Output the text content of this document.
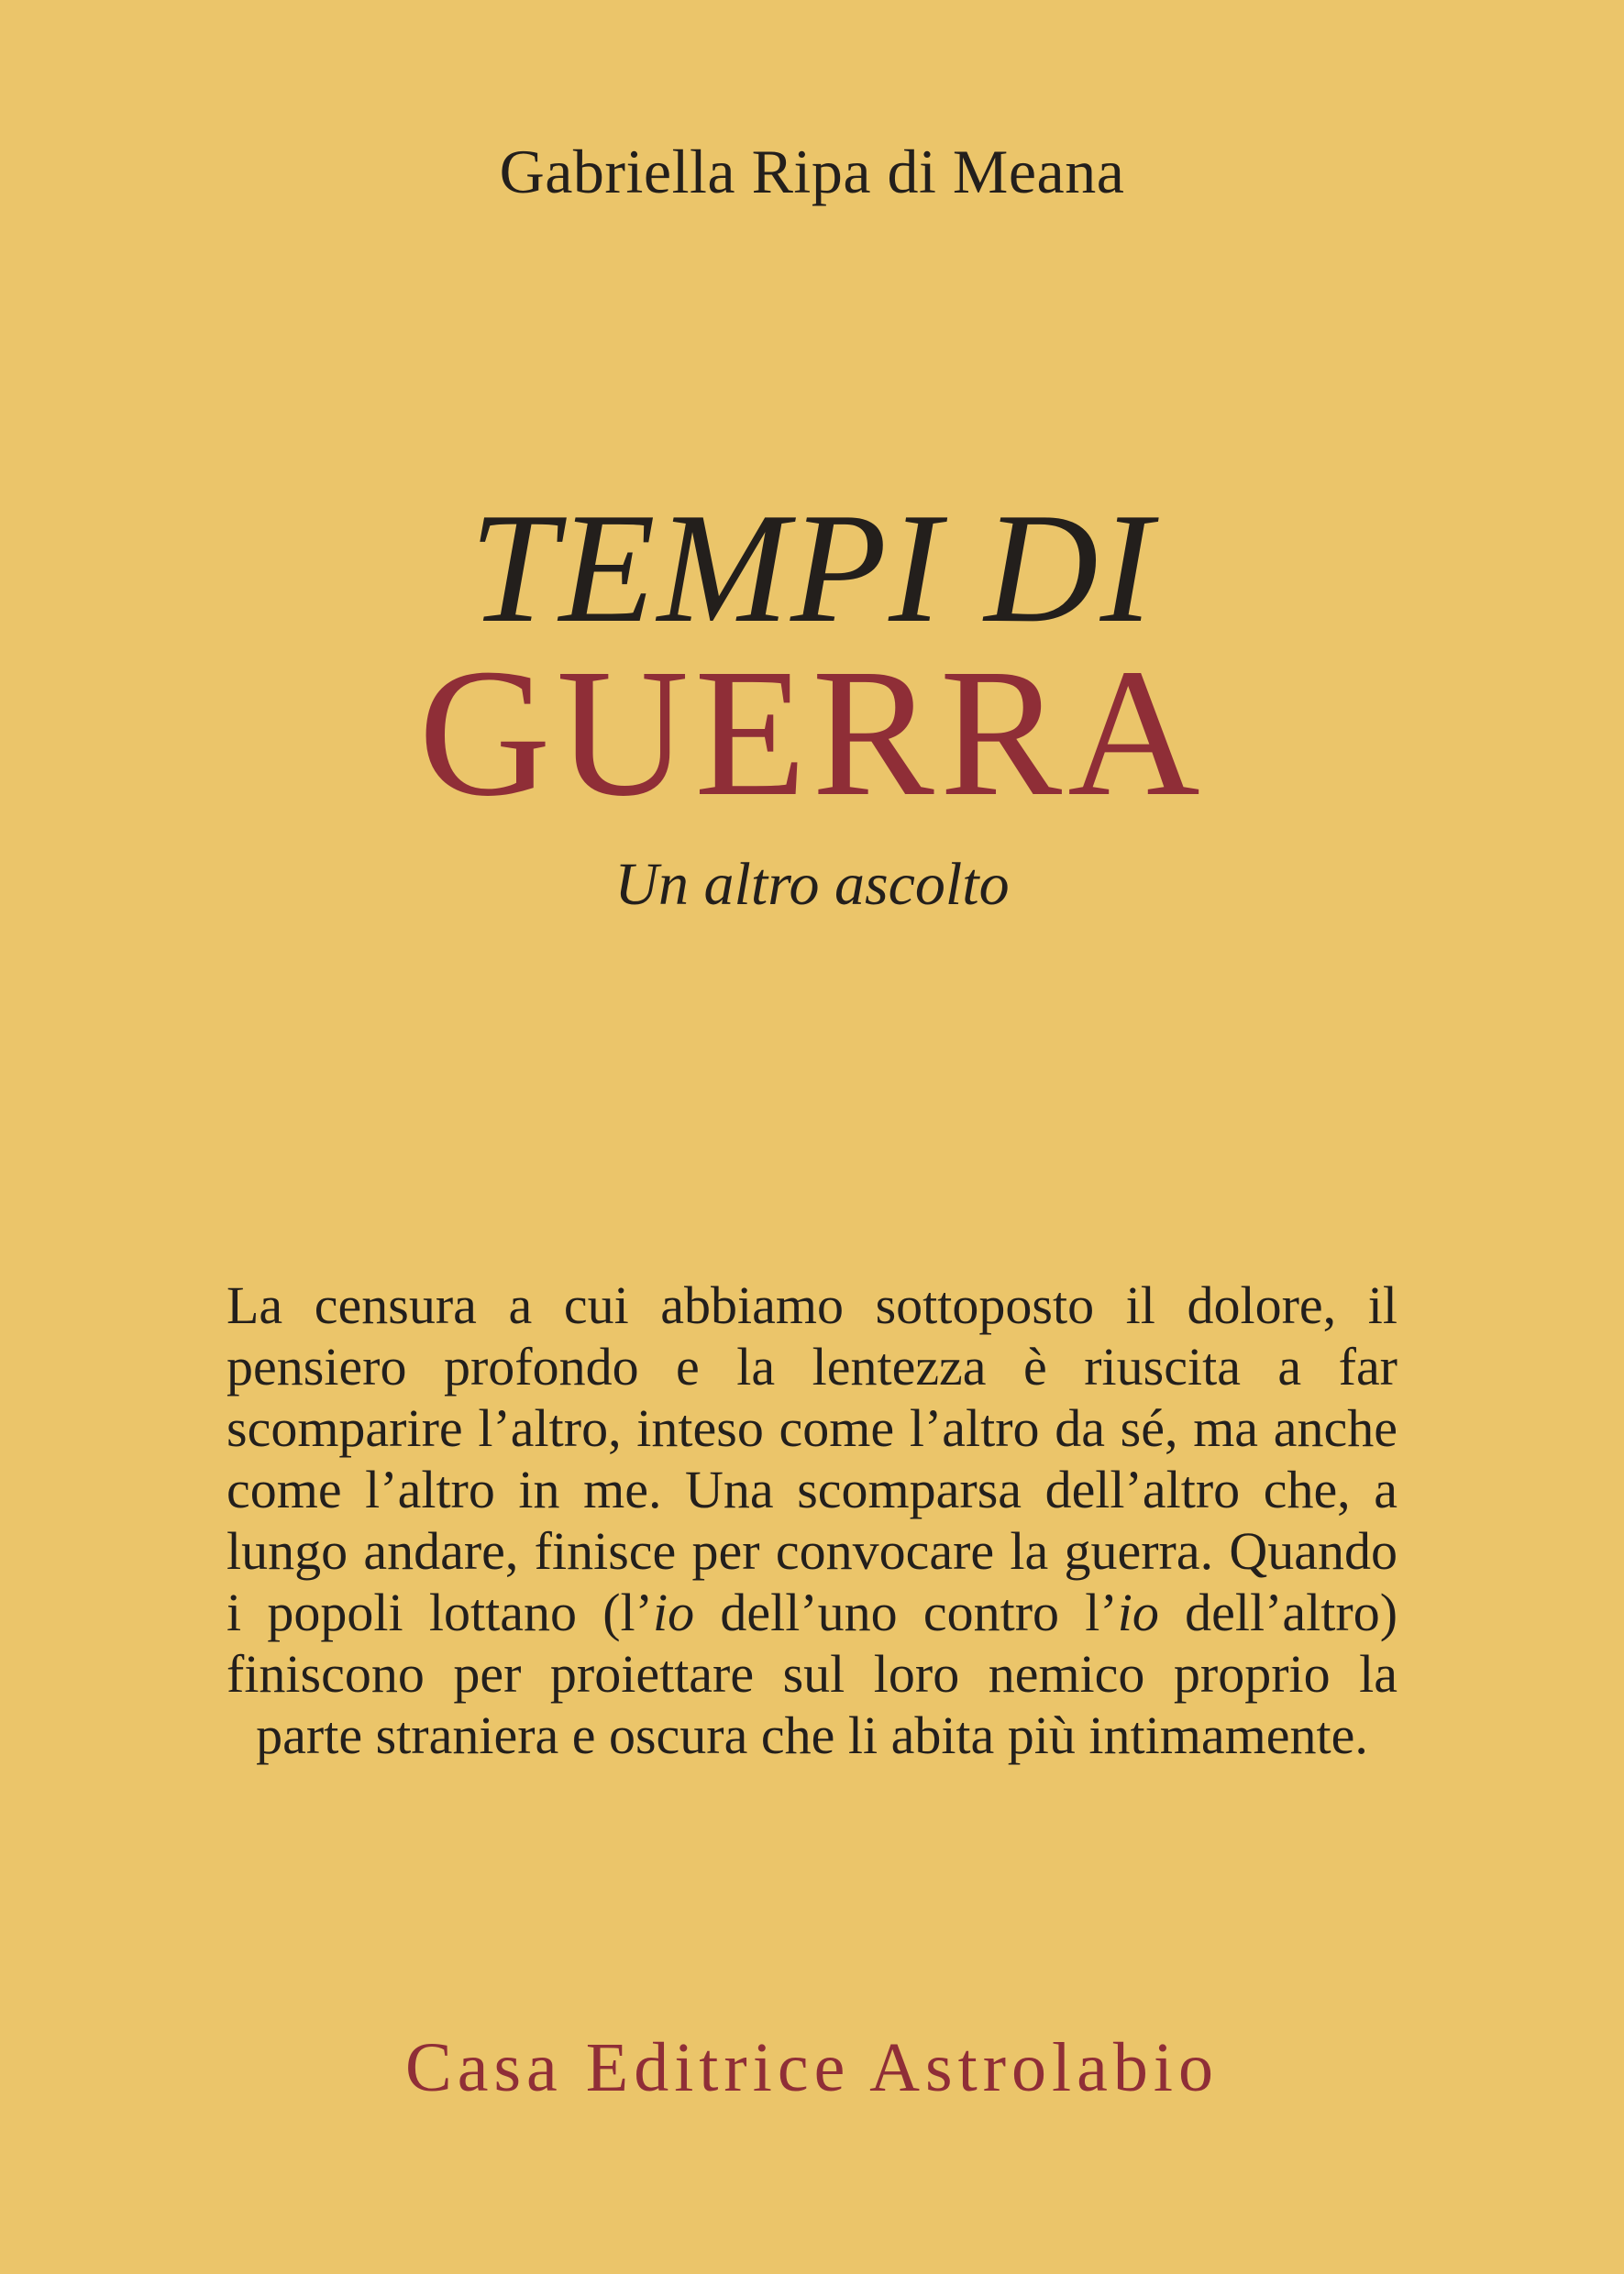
Gabriella Ripa di Meana
TEMPI DI
GUERRA
Un altro ascolto
La censura a cui abbiamo sottoposto il dolore, il pensiero profondo e la lentezza è riuscita a far scomparire l’altro, inteso come l’altro da sé, ma anche come l’altro in me. Una scomparsa dell’altro che, a lungo andare, finisce per convocare la guerra. Quando i popoli lottano (l’io dell’uno contro l’io dell’altro) finiscono per proiettare sul loro nemico proprio la parte straniera e oscura che li abita più intimamente.
Casa Editrice Astrolabio
